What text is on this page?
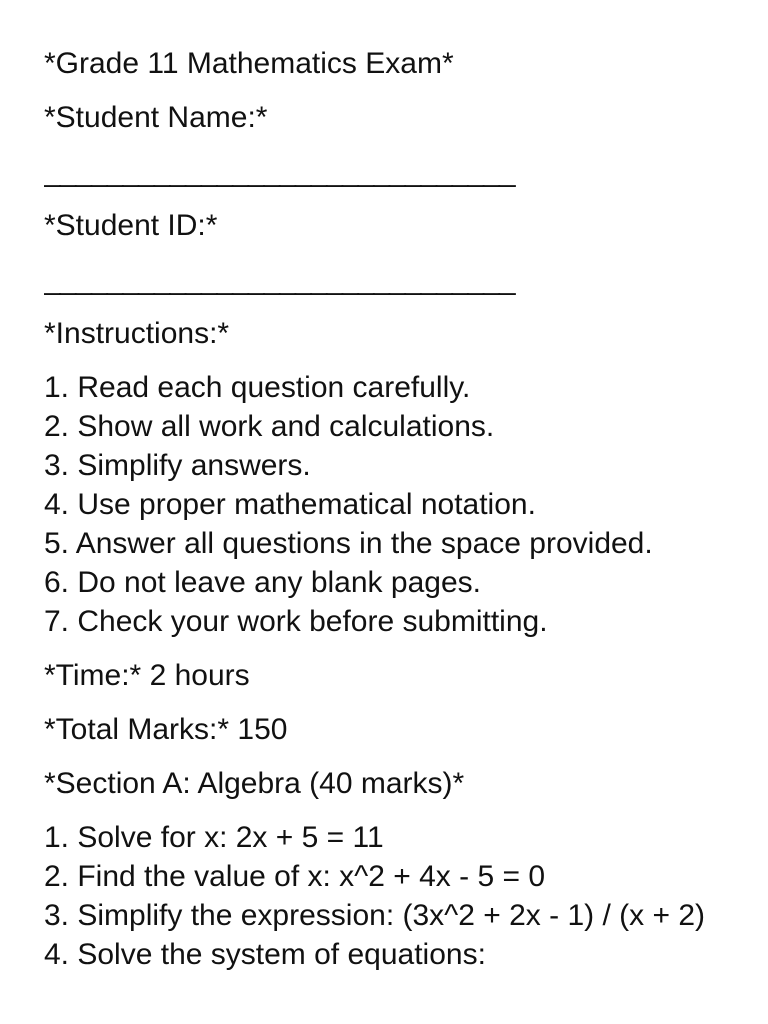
*Grade 11 Mathematics Exam*

*Student Name:*

______________________________

*Student ID:*

______________________________

*Instructions:*

1. Read each question carefully.
2. Show all work and calculations.
3. Simplify answers.
4. Use proper mathematical notation.
5. Answer all questions in the space provided.
6. Do not leave any blank pages.
7. Check your work before submitting.

*Time:* 2 hours

*Total Marks:* 150

*Section A: Algebra (40 marks)*

1. Solve for x: 2x + 5 = 11
2. Find the value of x: x^2 + 4x - 5 = 0
3. Simplify the expression: (3x^2 + 2x - 1) / (x + 2)
4. Solve the system of equations:
